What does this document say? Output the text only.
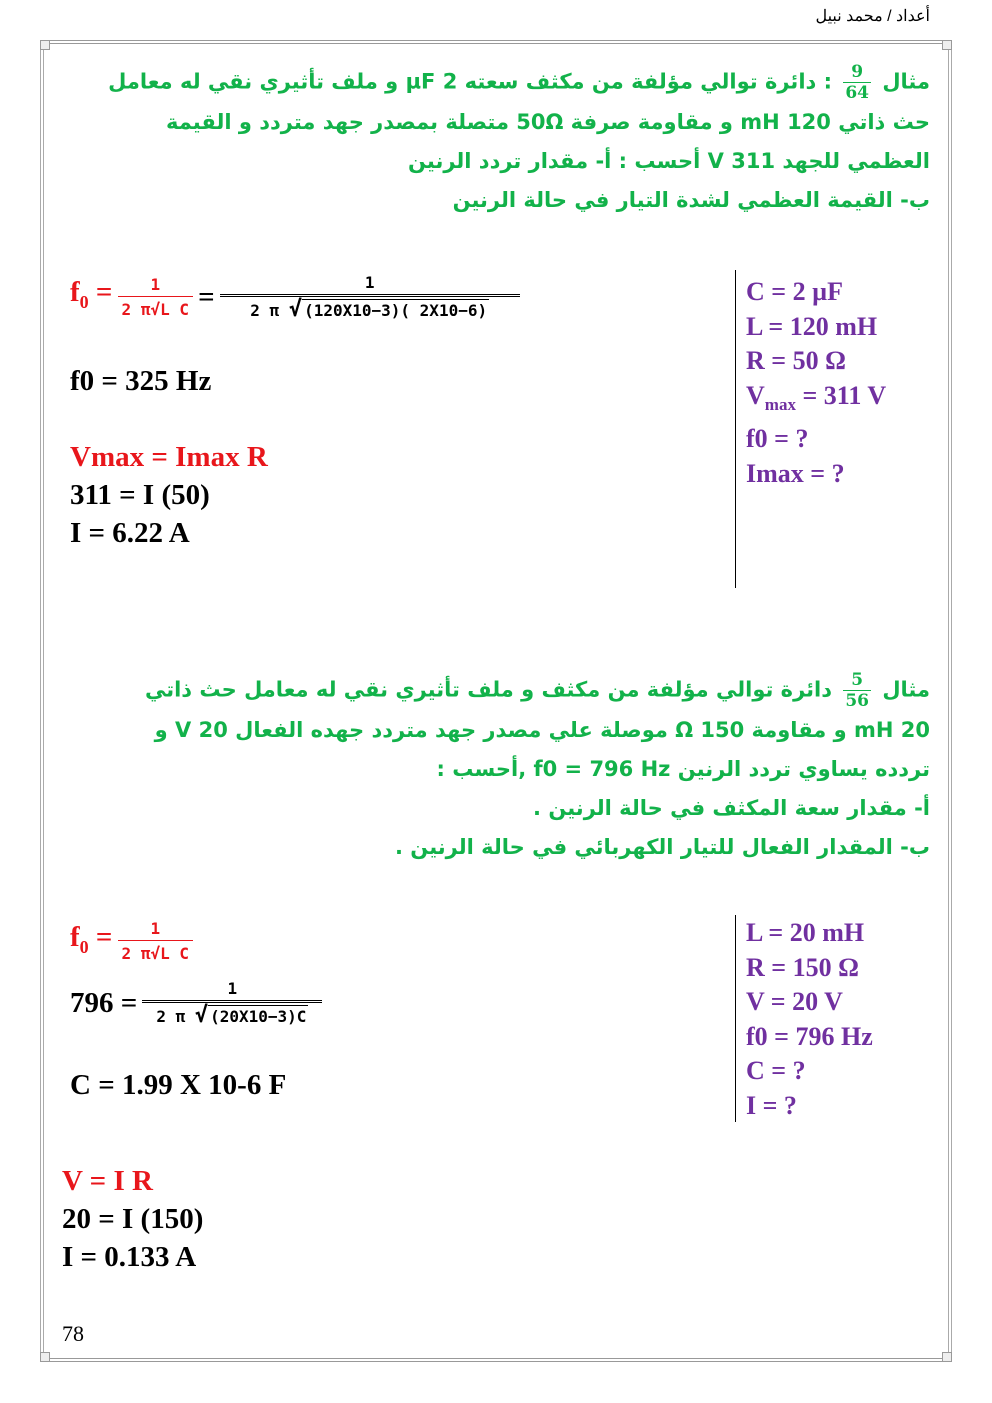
أعداد / محمد نبيل
مثال
$\frac{9}{64}$
: دائرة توالي مؤلفة من مكثف سعته 2 µF و ملف تأثيري نقي له معامل
حث ذاتي 120 mH و مقاومة صرفة 50Ω متصلة بمصدر جهد متردد و القيمة
العظمي للجهد 311 V أحسب : أ- مقدار تردد الرنين
ب- القيمة العظمي لشدة التيار في حالة الرنين
$f_0 = \frac{1}{\text{2 π√L C}} = \frac{1}{2 \pi √ (120X10-3)( 2X10-6)}$
f0 = 325 Hz
Vmax = Imax R
311 = I (50)
I = 6.22 A
C = 2 µF
L = 120 mH
R = 50 Ω
$V_{max} = 311$ V
f0 = ?
Imax = ?
مثال
$\frac{5}{56}$
دائرة توالي مؤلفة من مكثف و ملف تأثيري نقي له معامل حث ذاتي
20 mH و مقاومة Ω 150 موصلة علي مصدر جهد متردد جهده الفعال 20 V و
تردده يساوي تردد الرنين f0 = 796 Hz ,أحسب :
أ- مقدار سعة المكثف في حالة الرنين .
ب- المقدار الفعال للتيار الكهربائي في حالة الرنين .
$f_0 = \frac{1}{\text{2 π√L C}}$
$796 = \frac{1}{2 \pi √ (20X10-3)C}$
C = 1.99 X 10-6 F
V = I R
20 = I (150)
I = 0.133 A
L = 20 mH
R = 150 Ω
V = 20 V
f0 = 796 Hz
C = ?
I = ?
78
